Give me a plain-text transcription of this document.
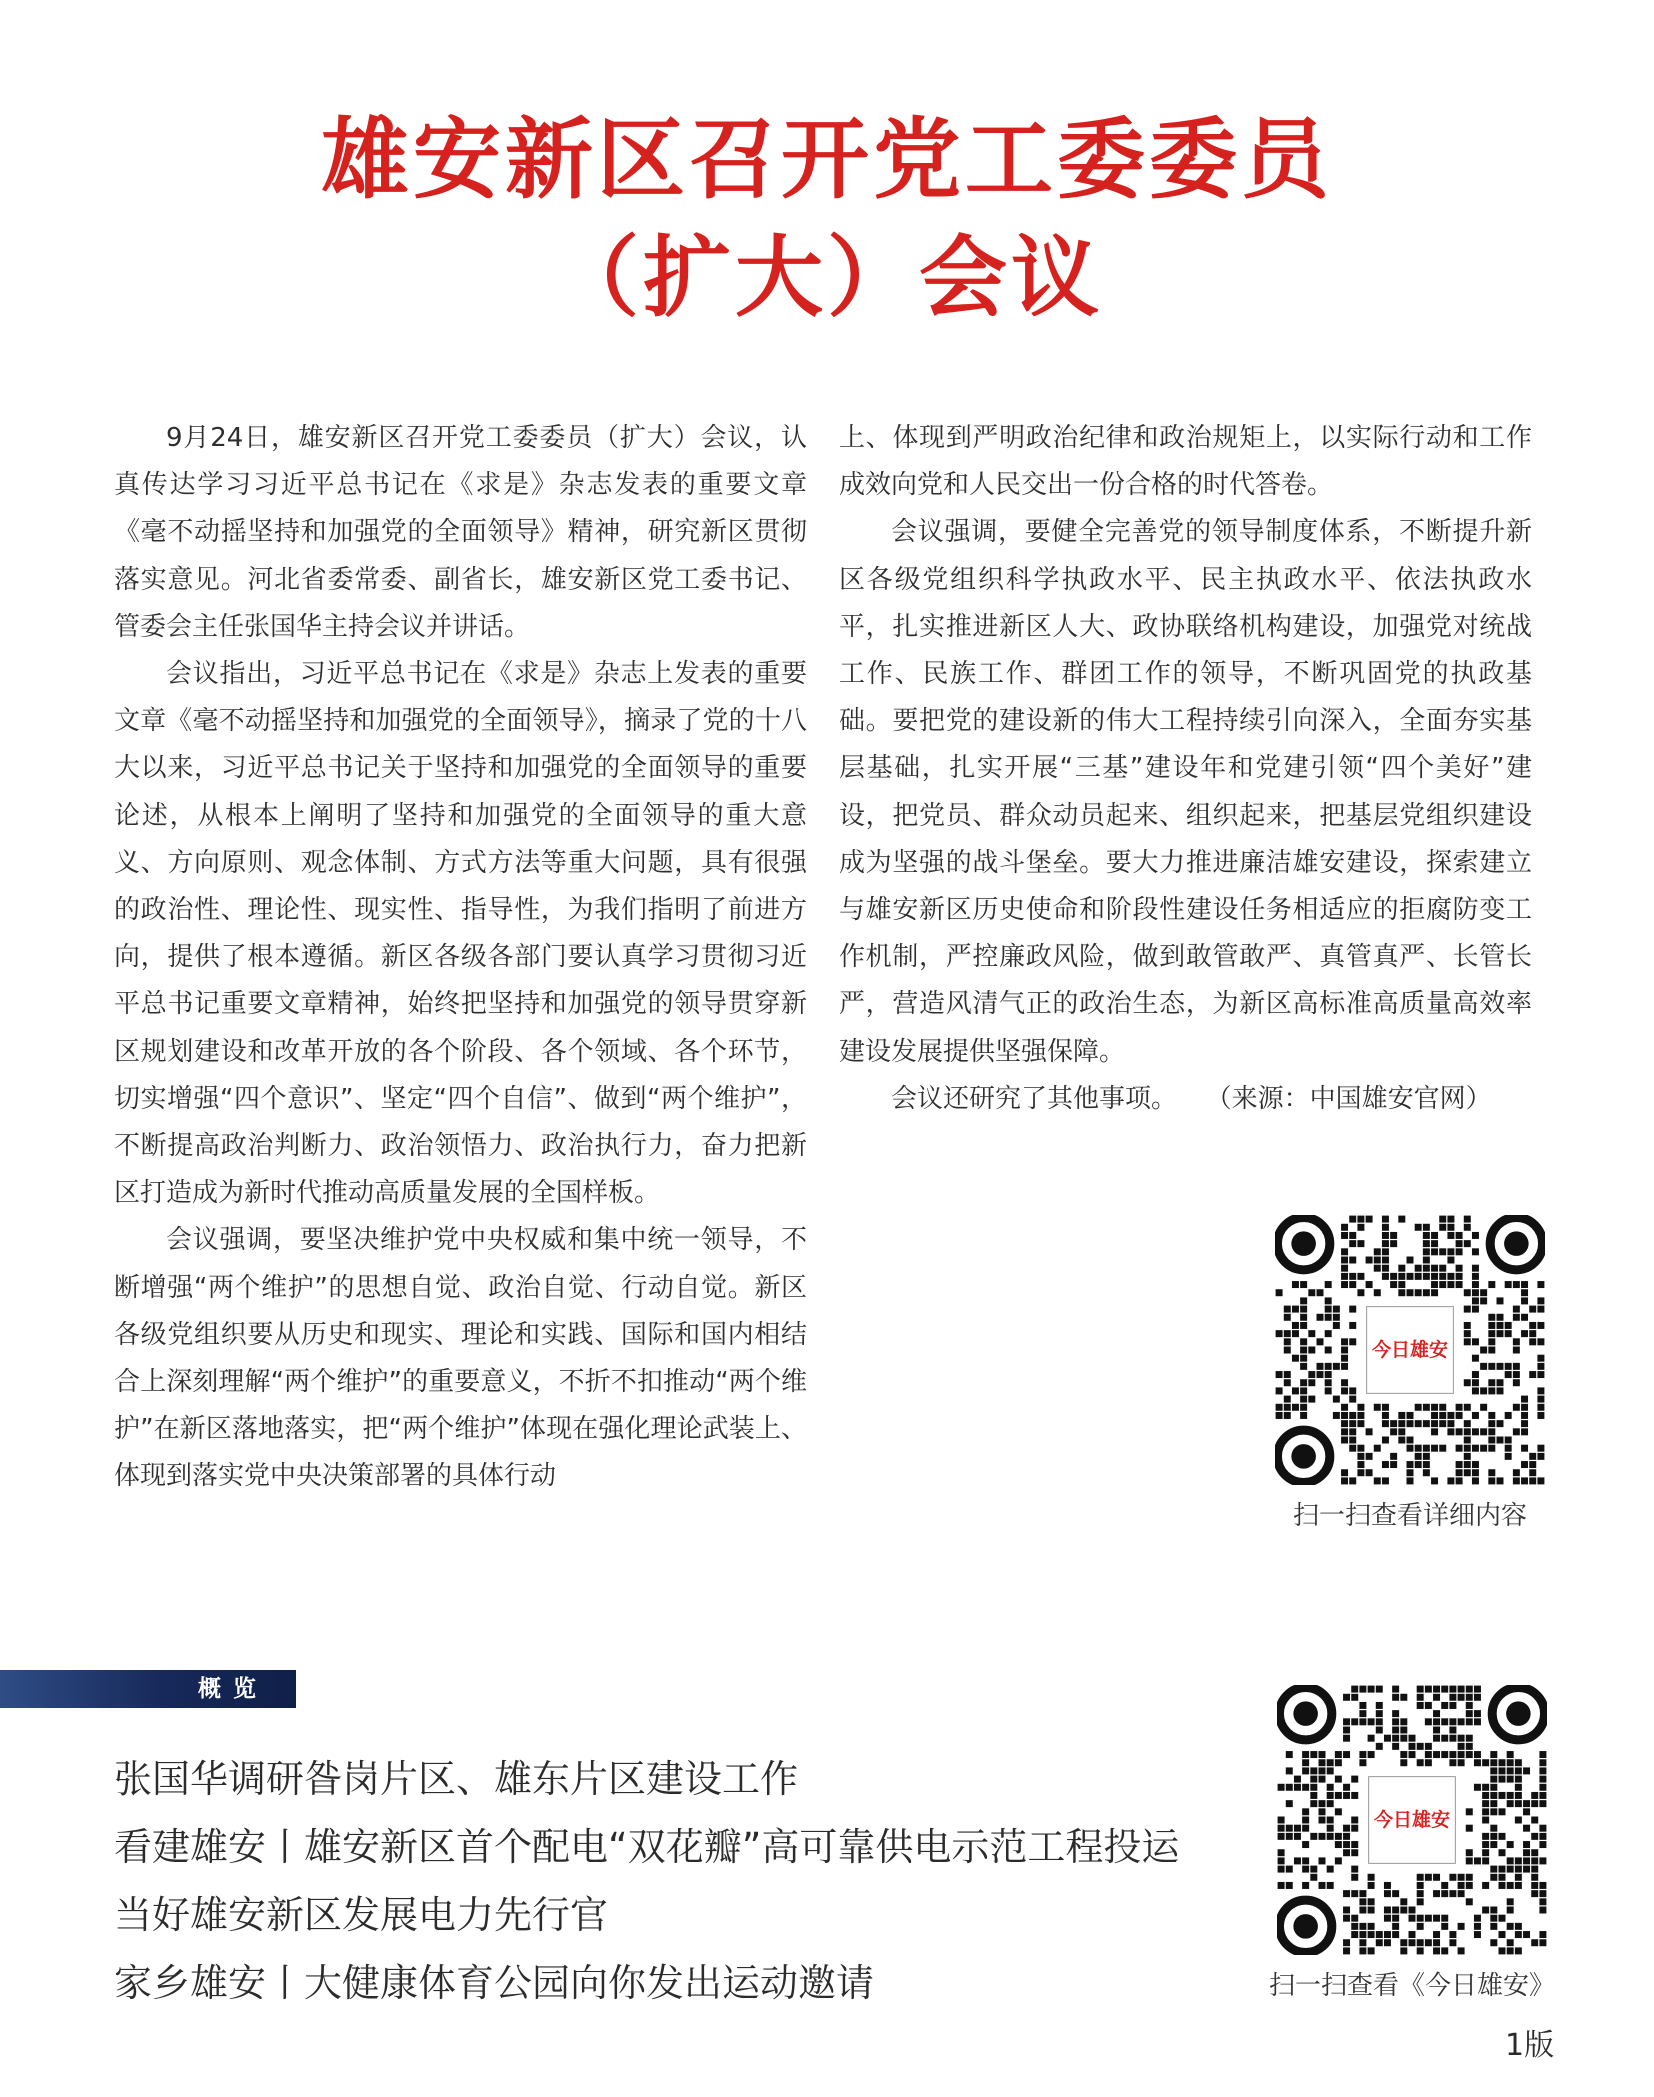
雄安新区召开党工委委员
（扩大）会议

9月24日，雄安新区召开党工委委员（扩大）会议，认真传达学习习近平总书记在《求是》杂志发表的重要文章《毫不动摇坚持和加强党的全面领导》精神，研究新区贯彻落实意见。河北省委常委、副省长，雄安新区党工委书记、管委会主任张国华主持会议并讲话。

会议指出，习近平总书记在《求是》杂志上发表的重要文章《毫不动摇坚持和加强党的全面领导》，摘录了党的十八大以来，习近平总书记关于坚持和加强党的全面领导的重要论述，从根本上阐明了坚持和加强党的全面领导的重大意义、方向原则、观念体制、方式方法等重大问题，具有很强的政治性、理论性、现实性、指导性，为我们指明了前进方向，提供了根本遵循。新区各级各部门要认真学习贯彻习近平总书记重要文章精神，始终把坚持和加强党的领导贯穿新区规划建设和改革开放的各个阶段、各个领域、各个环节，切实增强“四个意识”、坚定“四个自信”、做到“两个维护”，不断提高政治判断力、政治领悟力、政治执行力，奋力把新区打造成为新时代推动高质量发展的全国样板。

会议强调，要坚决维护党中央权威和集中统一领导，不断增强“两个维护”的思想自觉、政治自觉、行动自觉。新区各级党组织要从历史和现实、理论和实践、国际和国内相结合上深刻理解“两个维护”的重要意义，不折不扣推动“两个维护”在新区落地落实，把“两个维护”体现在强化理论武装上、体现到落实党中央决策部署的具体行动

上、体现到严明政治纪律和政治规矩上，以实际行动和工作成效向党和人民交出一份合格的时代答卷。

会议强调，要健全完善党的领导制度体系，不断提升新区各级党组织科学执政水平、民主执政水平、依法执政水平，扎实推进新区人大、政协联络机构建设，加强党对统战工作、民族工作、群团工作的领导，不断巩固党的执政基础。要把党的建设新的伟大工程持续引向深入，全面夯实基层基础，扎实开展“三基”建设年和党建引领“四个美好”建设，把党员、群众动员起来、组织起来，把基层党组织建设成为坚强的战斗堡垒。要大力推进廉洁雄安建设，探索建立与雄安新区历史使命和阶段性建设任务相适应的拒腐防变工作机制，严控廉政风险，做到敢管敢严、真管真严、长管长严，营造风清气正的政治生态，为新区高标准高质量高效率建设发展提供坚强保障。

会议还研究了其他事项。 （来源：中国雄安官网）

今日雄安
扫一扫查看详细内容
概览
张国华调研昝岗片区、雄东片区建设工作
看建雄安丨雄安新区首个配电“双花瓣”高可靠供电示范工程投运
当好雄安新区发展电力先行官
家乡雄安丨大健康体育公园向你发出运动邀请
今日雄安
扫一扫查看《今日雄安》
1版
